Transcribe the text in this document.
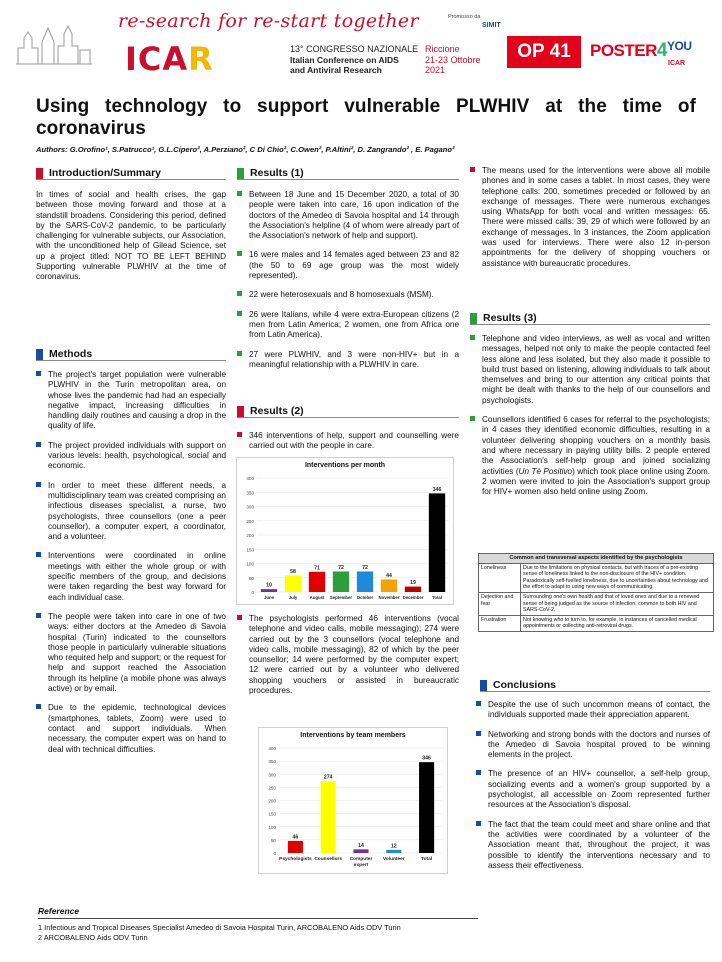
re-search for re-start together
ICAR	13° CONGRESSO NAZIONALE
Italian Conference on AIDS
and Antiviral Research
Riccione
21-23 Ottobre
2021
Promosso da
SIMIT
OP 41	$POSTER4^{YOU}$
ICAR
Using technology to support vulnerable PLWHIV at the time of coronavirus
Authors: G.Orofino¹, S.Patrucco¹, G.L.Cipero², A.Perziano², C Di Chio², C.Owen², P.Altini², D. Zangrando² , E. Pagano²
Introduction/Summary
In times of social and health crises, the gap between those moving forward and those at a standstill broadens. Considering this period, defined by the SARS-CoV-2 pandemic, to be particularly challenging for vulnerable subjects, our Association, with the unconditioned help of Gilead Science, set up a project titled: NOT TO BE LEFT BEHIND Supporting vulnerable PLWHIV at the time of coronavirus.
Methods
The project's target population were vulnerable PLWHIV in the Turin metropolitan area, on whose lives the pandemic had had an especially negative impact, increasing difficulties in handling daily routines and causing a drop in the quality of life.
The project provided individuals with support on various levels: health, psychological, social and economic.
In order to meet these different needs, a multidisciplinary team was created comprising an infectious diseases specialist, a nurse, two psychologists, three counsellors (one a peer counsellor), a computer expert, a coordinator, and a volunteer.
Interventions were coordinated in online meetings with either the whole group or with specific members of the group, and decisions were taken regarding the best way forward for each individual case.
The people were taken into care in one of two ways: either doctors at the Amedeo di Savoia hospital (Turin) indicated to the counsellors those people in particularly vulnerable situations who required help and support; or the request for help and support reached the Association through its helpline (a mobile phone was always active) or by email.
Due to the epidemic, technological devices (smartphones, tablets, Zoom) were used to contact and support individuals. When necessary, the computer expert was on hand to deal with technical difficulties.
Results (1)
Between 18 June and 15 December 2020, a total of 30 people were taken into care, 16 upon indication of the doctors of the Amedeo di Savoia hospital and 14 through the Association's helpline (4 of whom were already part of the Association's network of help and support).
16 were males and 14 females aged between 23 and 82 (the 50 to 69 age group was the most widely represented).
22 were heterosexuals and 8 homosexuals (MSM).
26 were Italians, while 4 were extra-European citizens (2 men from Latin America; 2 women, one from Africa one from Latin America).
27 were PLWHIV, and 3 were non-HIV+ but in a meaningful relationship with a PLWHIV in care.
Results (2)
346 interventions of help, support and counselling were carried out with the people in care.
Interventions per month
0
50
100
150
200
250
300
350
400
10
June
58
July
71
August
72
September
72
October
44
November
19
December
346
Total
The psychologists performed 46 interventions (vocal telephone and video calls, mobile messaging); 274 were carried out by the 3 counsellors (vocal telephone and video calls, mobile messaging), 82 of which by the peer counsellor; 14 were performed by the computer expert; 12 were carried out by a volunteer who delivered shopping vouchers or assisted in bureaucratic procedures.
Interventions by team members
0
50
100
150
200
250
300
350
400
46
Psychologists
274
Counsellors
14
Computer
expert
12
Volunteer
346
Total
The means used for the interventions were above all mobile phones and in some cases a tablet. In most cases, they were telephone calls: 200, sometimes preceded or followed by an exchange of messages. There were numerous exchanges using WhatsApp for both vocal and written messages: 65. There were missed calls: 39, 29 of which were followed by an exchange of messages. In 3 instances, the Zoom application was used for interviews. There were also 12 in-person appointments for the delivery of shopping vouchers or assistance with bureaucratic procedures.
Results (3)
Telephone and video interviews, as well as vocal and written messages, helped not only to make the people contacted feel less alone and less isolated, but they also made it possible to build trust based on listening, allowing individuals to talk about themselves and bring to our attention any critical points that might be dealt with thanks to the help of our counsellors and psychologists.
Counsellors identified 6 cases for referral to the psychologists; in 4 cases they identified economic difficulties, resulting in a volunteer delivering shopping vouchers on a monthly basis and where necessary in paying utility bills. 2 people entered the Association's self-help group and joined socializing activities (Un Tè Positivo) which took place online using Zoom. 2 women were invited to join the Association's support group for HIV+ women also held online using Zoom.
Common and transversal aspects identified by the psychologists	
Loneliness	Due to the limitations on physical contacts, but with traces of a pre-existing sense of loneliness linked to the non-disclosure of the HIV+ condition. Paradoxically self-fuelled loneliness, due to uncertainties about technology and the effort to adapt to using new ways of communicating.
Dejection and fear	Surrounding one's own health and that of loved ones and due to a renewed sense of being judged as the source of infection, common to both HIV and SARS-CoV-2.
Frustration	Not knowing who to turn to, for example, in instances of cancelled medical appointments or collecting anti-retroviral drugs.
Conclusions
Despite the use of such uncommon means of contact, the individuals supported made their appreciation apparent.
Networking and strong bonds with the doctors and nurses of the Amedeo di Savoia hospital proved to be winning elements in the project.
The presence of an HIV+ counsellor, a self-help group, socializing events and a women's group supported by a psychologist, all accessible on Zoom represented further resources at the Association's disposal.
The fact that the team could meet and share online and that the activities were coordinated by a volunteer of the Association meant that, throughout the project, it was possible to identify the interventions necessary and to assess their effectiveness.
Reference
1 Infectious and Tropical Diseases Specialist Amedeo di Savoia Hospital Turin, ARCOBALENO Aids ODV Turin
2 ARCOBALENO Aids ODV Turin
